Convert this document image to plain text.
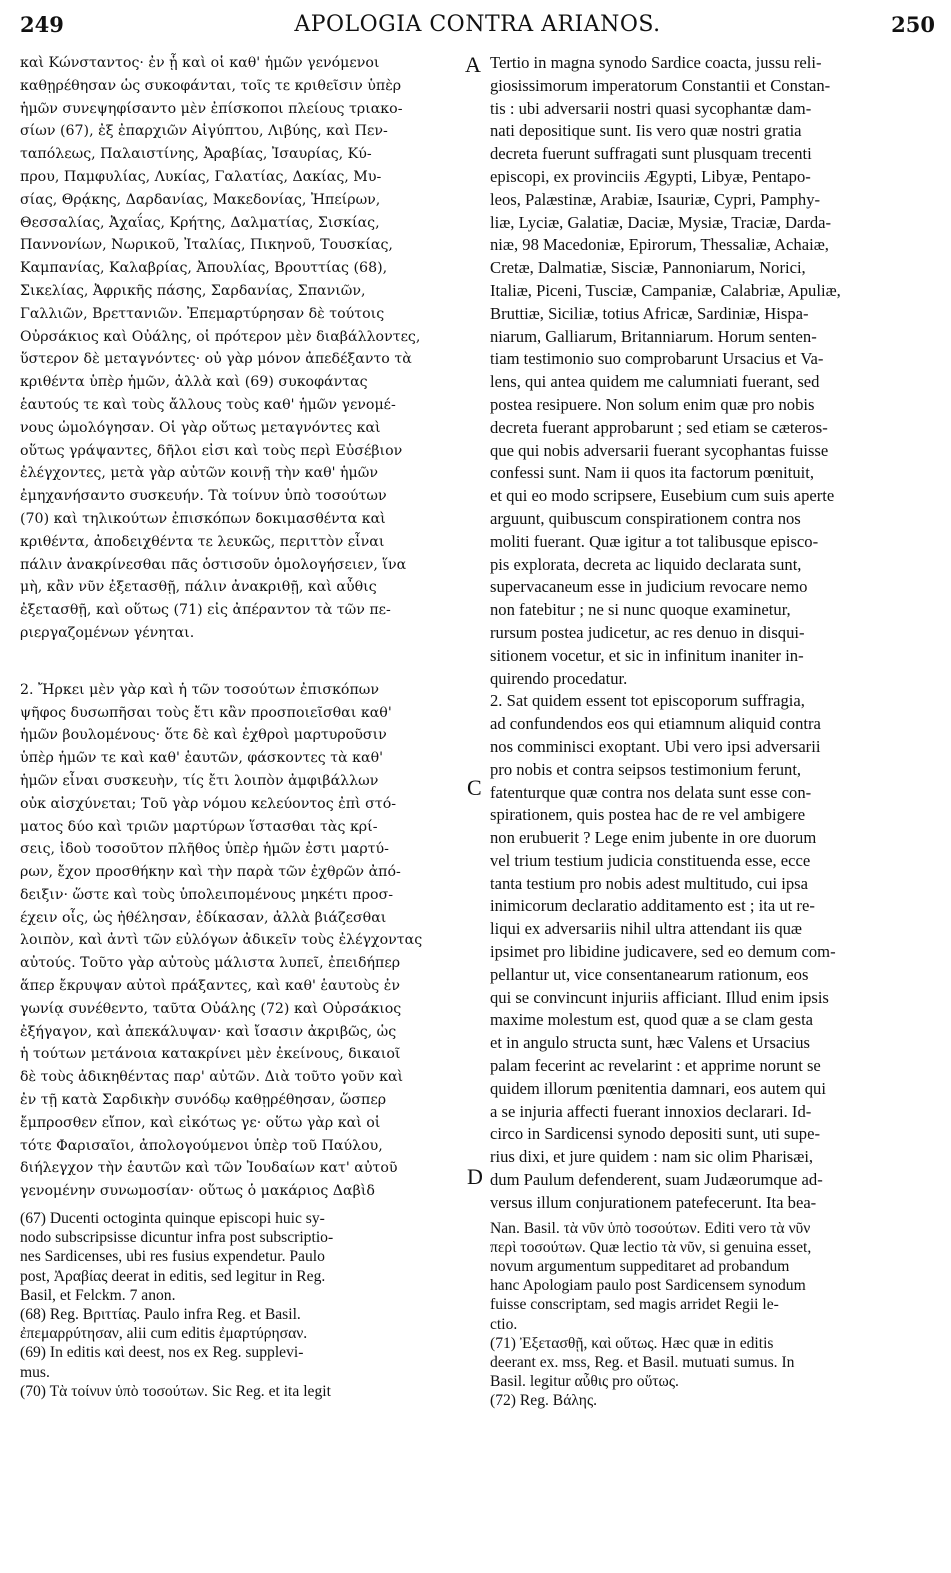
249	APOLOGIA CONTRA ARIANOS.	250
A
C
D
καὶ Κώνσταντος· ἐν ᾗ καὶ οἱ καθ' ἡμῶν γενόμενοι
καθῃρέθησαν ὡς συκοφάνται, τοῖς τε κριθεῖσιν ὑπὲρ
ἡμῶν συνεψηφίσαντο μὲν ἐπίσκοποι πλείους τριακο-
σίων (67), ἐξ ἐπαρχιῶν Αἰγύπτου, Λιβύης, καὶ Πεν-
ταπόλεως, Παλαιστίνης, Ἀραβίας, Ἰσαυρίας, Κύ-
πρου, Παμφυλίας, Λυκίας, Γαλατίας, Δακίας, Μυ-
σίας, Θρᾴκης, Δαρδανίας, Μακεδονίας, Ἠπείρων,
Θεσσαλίας, Ἀχαΐας, Κρήτης, Δαλματίας, Σισκίας,
Παννονίων, Νωρικοῦ, Ἰταλίας, Πικηνοῦ, Τουσκίας,
Καμπανίας, Καλαβρίας, Ἀπουλίας, Βρουττίας (68),
Σικελίας, Ἀφρικῆς πάσης, Σαρδανίας, Σπανιῶν,
Γαλλιῶν, Βρεττανιῶν. Ἐπεμαρτύρησαν δὲ τούτοις
Οὐρσάκιος καὶ Οὐάλης, οἱ πρότερον μὲν διαβάλλοντες,
ὕστερον δὲ μεταγνόντες· οὐ γὰρ μόνον ἀπεδέξαντο τὰ
κριθέντα ὑπὲρ ἡμῶν, ἀλλὰ καὶ (69) συκοφάντας
ἑαυτούς τε καὶ τοὺς ἄλλους τοὺς καθ' ἡμῶν γενομέ-
νους ὡμολόγησαν. Οἱ γὰρ οὕτως μεταγνόντες καὶ
οὕτως γράψαντες, δῆλοι εἰσι καὶ τοὺς περὶ Εὐσέβιον
ἐλέγχοντες, μετὰ γὰρ αὐτῶν κοινῇ τὴν καθ' ἡμῶν
ἐμηχανήσαντο συσκευήν. Τὰ τοίνυν ὑπὸ τοσούτων
(70) καὶ τηλικούτων ἐπισκόπων δοκιμασθέντα καὶ
κριθέντα, ἀποδειχθέντα τε λευκῶς, περιττὸν εἶναι
πάλιν ἀνακρίνεσθαι πᾶς ὁστισοῦν ὁμολογήσειεν, ἵνα
μὴ, κἂν νῦν ἐξετασθῇ, πάλιν ἀνακριθῇ, καὶ αὖθις
ἐξετασθῇ, καὶ οὕτως (71) εἰς ἀπέραντον τὰ τῶν πε-
ριεργαζομένων γένηται.
2. Ἤρκει μὲν γὰρ καὶ ἡ τῶν τοσούτων ἐπισκόπων
ψῆφος δυσωπῆσαι τοὺς ἔτι κἂν προσποιεῖσθαι καθ'
ἡμῶν βουλομένους· ὅτε δὲ καὶ ἐχθροὶ μαρτυροῦσιν
ὑπὲρ ἡμῶν τε καὶ καθ' ἑαυτῶν, φάσκοντες τὰ καθ'
ἡμῶν εἶναι συσκευὴν, τίς ἔτι λοιπὸν ἀμφιβάλλων
οὐκ αἰσχύνεται; Τοῦ γὰρ νόμου κελεύοντος ἐπὶ στό-
ματος δύο καὶ τριῶν μαρτύρων ἵστασθαι τὰς κρί-
σεις, ἰδοὺ τοσοῦτον πλῆθος ὑπὲρ ἡμῶν ἐστι μαρτύ-
ρων, ἔχον προσθήκην καὶ τὴν παρὰ τῶν ἐχθρῶν ἀπό-
δειξιν· ὥστε καὶ τοὺς ὑπολειπομένους μηκέτι προσ-
έχειν οἷς, ὡς ἠθέλησαν, ἐδίκασαν, ἀλλὰ βιάζεσθαι
λοιπὸν, καὶ ἀντὶ τῶν εὐλόγων ἀδικεῖν τοὺς ἐλέγχοντας
αὐτούς. Τοῦτο γὰρ αὐτοὺς μάλιστα λυπεῖ, ἐπειδήπερ
ἅπερ ἔκρυψαν αὐτοὶ πράξαντες, καὶ καθ' ἑαυτοὺς ἐν
γωνίᾳ συνέθεντο, ταῦτα Οὐάλης (72) καὶ Οὐρσάκιος
ἐξήγαγον, καὶ ἀπεκάλυψαν· καὶ ἴσασιν ἀκριβῶς, ὡς
ἡ τούτων μετάνοια κατακρίνει μὲν ἐκείνους, δικαιοῖ
δὲ τοὺς ἀδικηθέντας παρ' αὐτῶν. Διὰ τοῦτο γοῦν καὶ
ἐν τῇ κατὰ Σαρδικὴν συνόδῳ καθῃρέθησαν, ὥσπερ
ἔμπροσθεν εἴπον, καὶ εἰκότως γε· οὕτω γὰρ καὶ οἱ
τότε Φαρισαῖοι, ἀπολογούμενοι ὑπὲρ τοῦ Παύλου,
διήλεγχον τὴν ἑαυτῶν καὶ τῶν Ἰουδαίων κατ' αὐτοῦ
γενομένην συνωμοσίαν· οὕτως ὁ μακάριος Δαβὶδ
(67) Ducenti octoginta quinque episcopi huic sy-
nodo subscripsisse dicuntur infra post subscriptio-
nes Sardicenses, ubi res fusius expendetur. Paulo
post, Ἀραβίας deerat in editis, sed legitur in Reg.
Basil, et Felckm. 7 anon.
(68) Reg. Βριττίας. Paulo infra Reg. et Basil.
ἐπεμαρρύτησαν, alii cum editis ἐμαρτύρησαν.
(69) In editis καὶ deest, nos ex Reg. supplevi-
mus.
(70) Τὰ τοίνυν ὑπὸ τοσούτων. Sic Reg. et ita legit
Tertio in magna synodo Sardice coacta, jussu reli-
giosissimorum imperatorum Constantii et Constan-
tis : ubi adversarii nostri quasi sycophantæ dam-
nati depositique sunt. Iis vero quæ nostri gratia
decreta fuerunt suffragati sunt plusquam trecenti
episcopi, ex provinciis Ægypti, Libyæ, Pentapo-
leos, Palæstinæ, Arabiæ, Isauriæ, Cypri, Pamphy-
liæ, Lyciæ, Galatiæ, Daciæ, Mysiæ, Traciæ, Darda-
niæ, 98 Macedoniæ, Epirorum, Thessaliæ, Achaiæ,
Cretæ, Dalmatiæ, Sisciæ, Pannoniarum, Norici,
Italiæ, Piceni, Tusciæ, Campaniæ, Calabriæ, Apuliæ,
Bruttiæ, Siciliæ, totius Africæ, Sardiniæ, Hispa-
niarum, Galliarum, Britanniarum. Horum senten-
tiam testimonio suo comprobarunt Ursacius et Va-
lens, qui antea quidem me calumniati fuerant, sed
postea resipuere. Non solum enim quæ pro nobis
decreta fuerant approbarunt ; sed etiam se cæteros-
que qui nobis adversarii fuerant sycophantas fuisse
confessi sunt. Nam ii quos ita factorum pœnituit,
et qui eo modo scripsere, Eusebium cum suis aperte
arguunt, quibuscum conspirationem contra nos
moliti fuerant. Quæ igitur a tot talibusque episco-
pis explorata, decreta ac liquido declarata sunt,
supervacaneum esse in judicium revocare nemo
non fatebitur ; ne si nunc quoque examinetur,
rursum postea judicetur, ac res denuo in disqui-
sitionem vocetur, et sic in infinitum inaniter in-
quirendo procedatur.
2. Sat quidem essent tot episcoporum suffragia,
ad confundendos eos qui etiamnum aliquid contra
nos comminisci exoptant. Ubi vero ipsi adversarii
pro nobis et contra seipsos testimonium ferunt,
fatenturque quæ contra nos delata sunt esse con-
spirationem, quis postea hac de re vel ambigere
non erubuerit ? Lege enim jubente in ore duorum
vel trium testium judicia constituenda esse, ecce
tanta testium pro nobis adest multitudo, cui ipsa
inimicorum declaratio additamento est ; ita ut re-
liqui ex adversariis nihil ultra attendant iis quæ
ipsimet pro libidine judicavere, sed eo demum com-
pellantur ut, vice consentanearum rationum, eos
qui se convincunt injuriis afficiant. Illud enim ipsis
maxime molestum est, quod quæ a se clam gesta
et in angulo structa sunt, hæc Valens et Ursacius
palam fecerint ac revelarint : et apprime norunt se
quidem illorum pœnitentia damnari, eos autem qui
a se injuria affecti fuerant innoxios declarari. Id-
circo in Sardicensi synodo depositi sunt, uti supe-
rius dixi, et jure quidem : nam sic olim Pharisæi,
dum Paulum defenderent, suam Judæorumque ad-
versus illum conjurationem patefecerunt. Ita bea-
Nan. Basil. τὰ νῦν ὑπὸ τοσούτων. Editi vero τὰ νῦν
περὶ τοσούτων. Quæ lectio τὰ νῦν, si genuina esset,
novum argumentum suppeditaret ad probandum
hanc Apologiam paulo post Sardicensem synodum
fuisse conscriptam, sed magis arridet Regii le-
ctio.
(71) Ἐξετασθῇ, καὶ οὕτως. Hæc quæ in editis
deerant ex. mss, Reg. et Basil. mutuati sumus. In
Basil. legitur αὖθις pro οὕτως.
(72) Reg. Βάλης.
